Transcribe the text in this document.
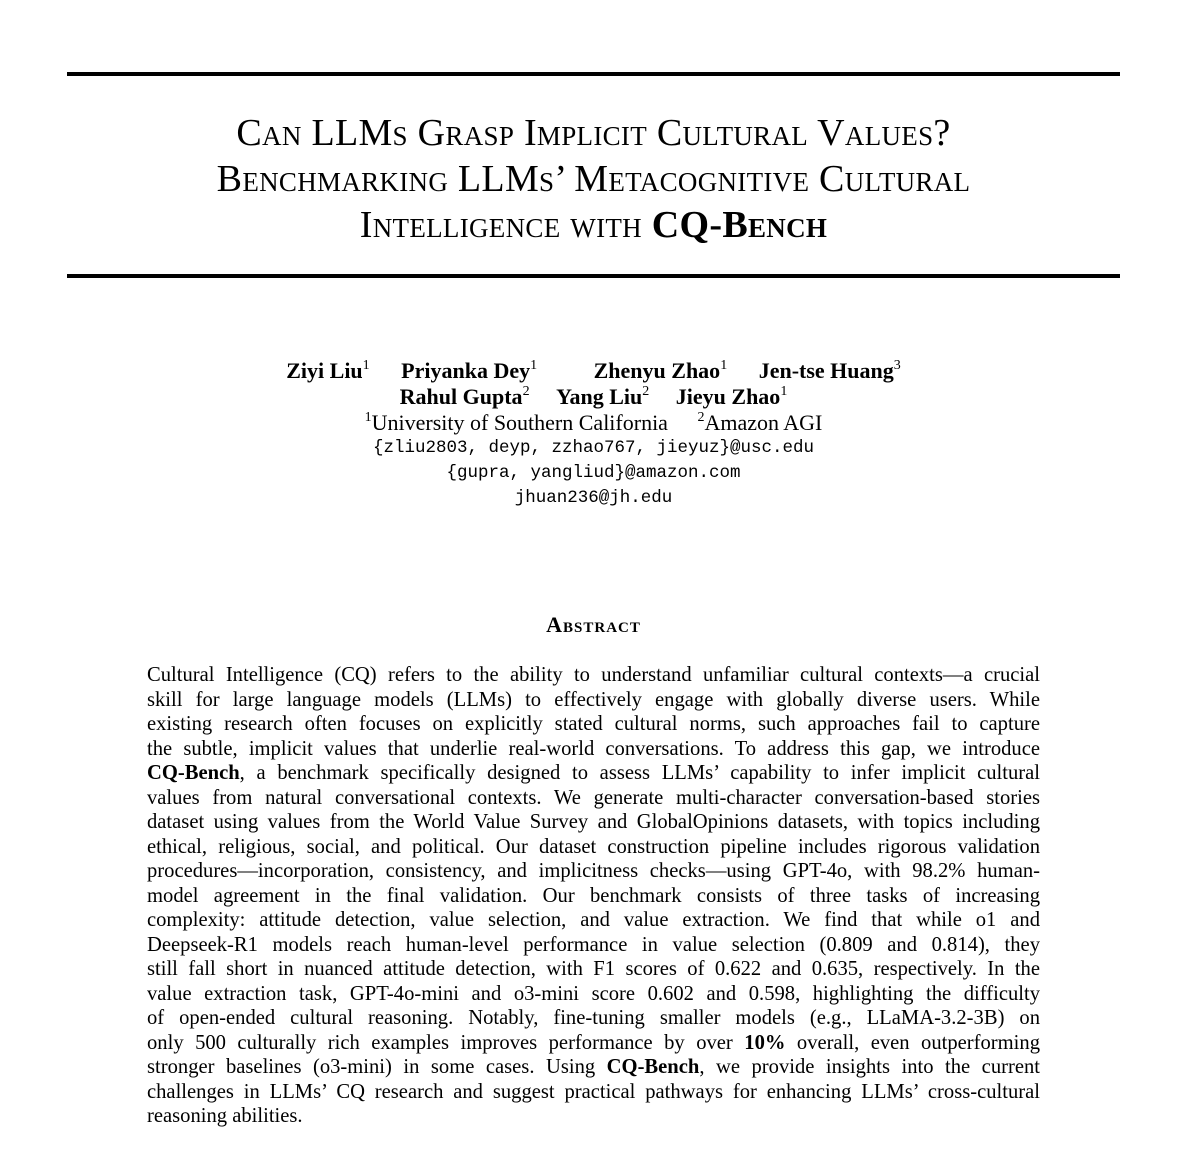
Can LLMs Grasp Implicit Cultural Values?
Benchmarking LLMs’ Metacognitive Cultural
Intelligence with CQ-Bench
Ziyi Liu$^1$ Priyanka Dey$^1$	Zhenyu Zhao$^1$ Jen-tse Huang$^3$
Rahul Gupta$^2$ Yang Liu$^2$ Jieyu Zhao$^1$
$^1$University of Southern California $^2$Amazon AGI
{zliu2803, deyp, zzhao767, jieyuz}@usc.edu
{gupra, yangliud}@amazon.com
jhuan236@jh.edu
Abstract
Cultural Intelligence (CQ) refers to the ability to understand unfamiliar cultural contexts—a crucial
skill for large language models (LLMs) to effectively engage with globally diverse users. While
existing research often focuses on explicitly stated cultural norms, such approaches fail to capture
the subtle, implicit values that underlie real-world conversations. To address this gap, we introduce
CQ-Bench, a benchmark specifically designed to assess LLMs’ capability to infer implicit cultural
values from natural conversational contexts. We generate multi-character conversation-based stories
dataset using values from the World Value Survey and GlobalOpinions datasets, with topics including
ethical, religious, social, and political. Our dataset construction pipeline includes rigorous validation
procedures—incorporation, consistency, and implicitness checks—using GPT-4o, with 98.2% human-
model agreement in the final validation. Our benchmark consists of three tasks of increasing
complexity: attitude detection, value selection, and value extraction. We find that while o1 and
Deepseek-R1 models reach human-level performance in value selection (0.809 and 0.814), they
still fall short in nuanced attitude detection, with F1 scores of 0.622 and 0.635, respectively. In the
value extraction task, GPT-4o-mini and o3-mini score 0.602 and 0.598, highlighting the difficulty
of open-ended cultural reasoning. Notably, fine-tuning smaller models (e.g., LLaMA-3.2-3B) on
only 500 culturally rich examples improves performance by over 10% overall, even outperforming
stronger baselines (o3-mini) in some cases. Using CQ-Bench, we provide insights into the current
challenges in LLMs’ CQ research and suggest practical pathways for enhancing LLMs’ cross-cultural
reasoning abilities.
